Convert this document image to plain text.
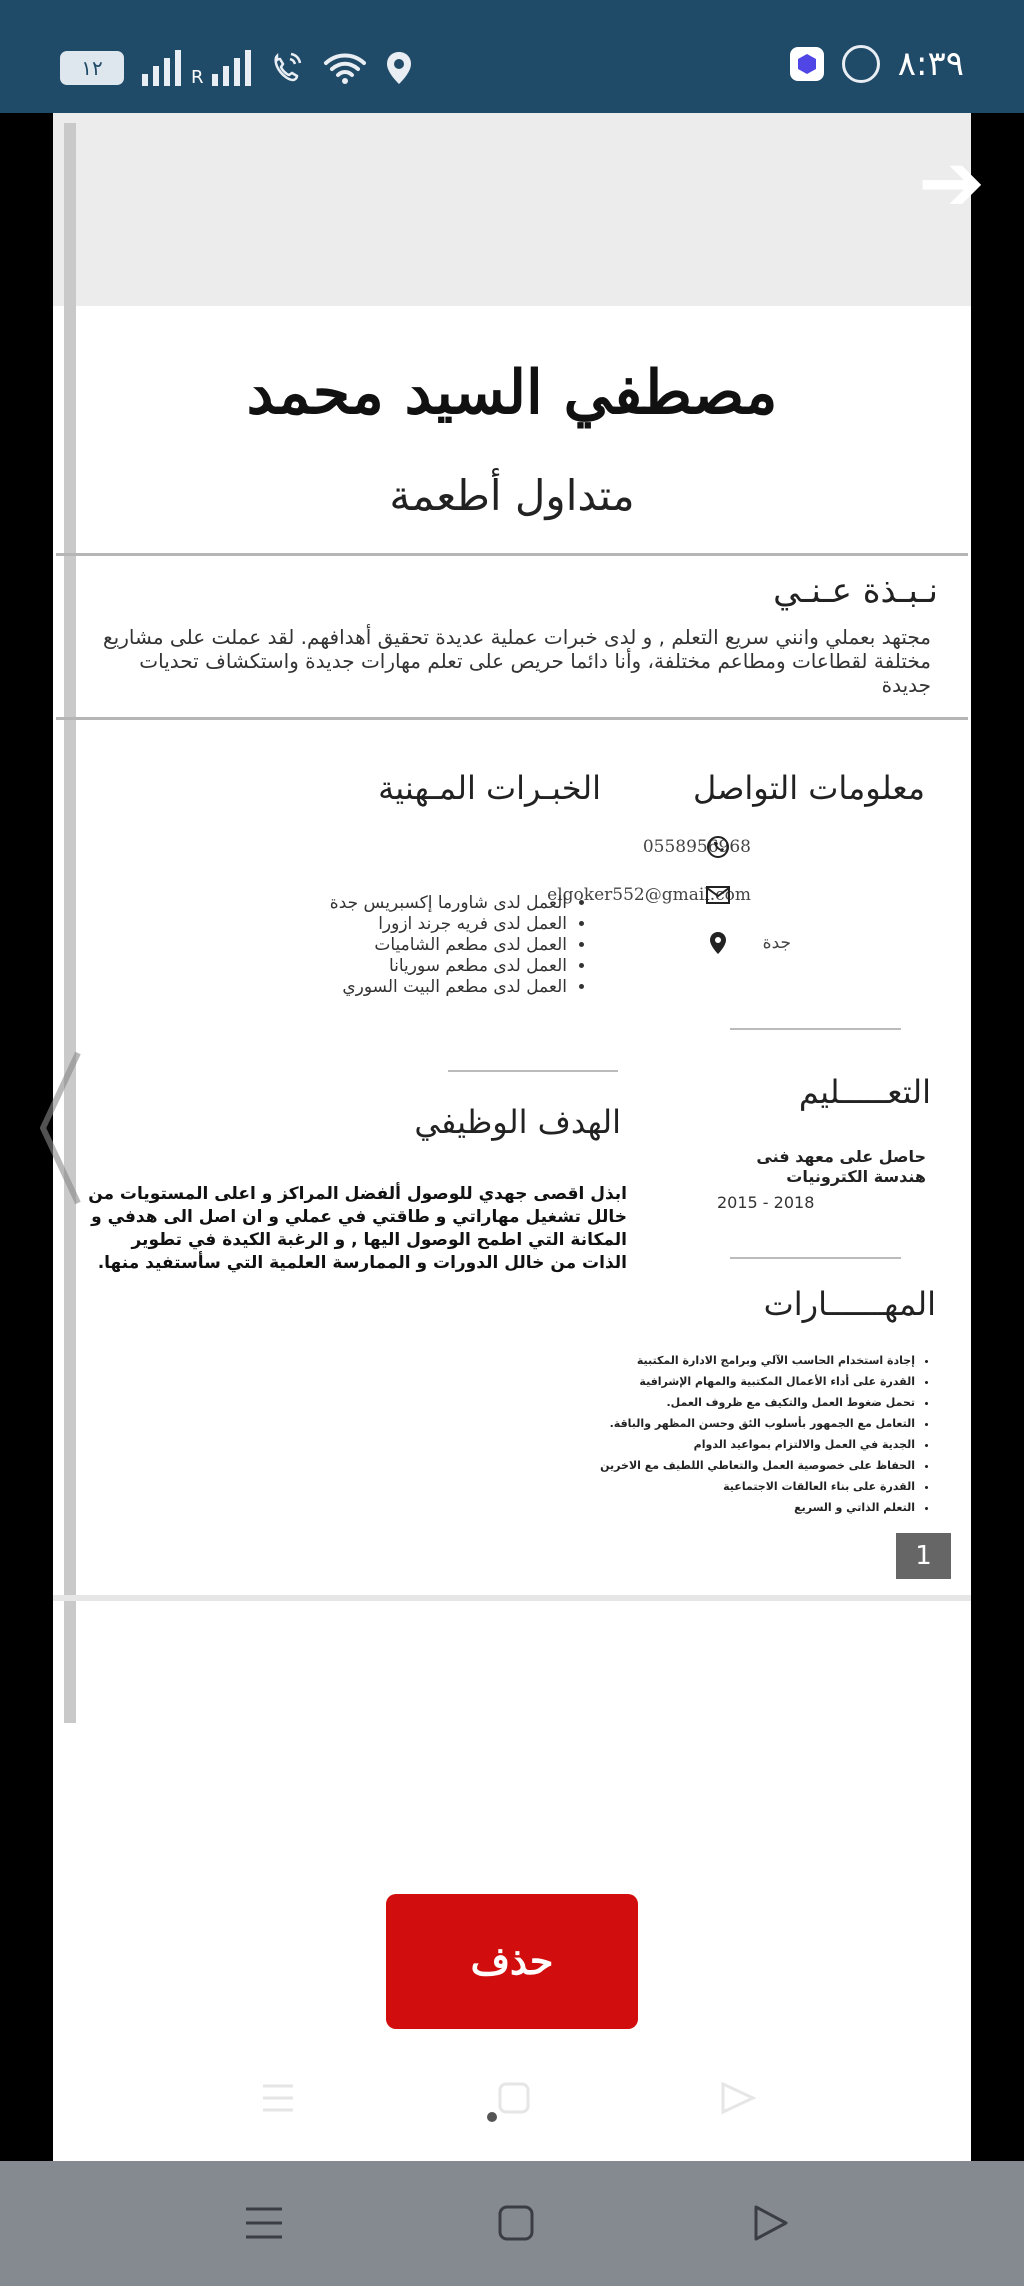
١٢	R	٨:٣٩
➔
مصطفي السيد محمد
متداول أطعمة
نـبـذة عـنـي
مجتهد بعملي وانني سريع التعلم , و لدى خبرات عملية عديدة تحقيق أهدافهم. لقد عملت على مشاريع مختلفة لقطاعات ومطاعم مختلفة، وأنا دائما حريص على تعلم مهارات جديدة واستكشاف تحديات جديدة
معلومات التواصل
0558956968
elgoker552@gmail.com
جدة
الخبـرات المـهنية
• العمل لدى شاورما إكسبريس جدة
• العمل لدى فريه جرند ازورا
• العمل لدى مطعم الشاميات
• العمل لدى مطعم سوريانا
• العمل لدى مطعم البيت السوري
التعـــــليم
حاصل على معهد فنى
هندسة الكترونيات
2015 - 2018
الهدف الوظيفي
ابذل اقصى جهدي للوصول ألفضل المراكز و اعلى المستويات من خالل تشغيل مهاراتي و طاقتي في عملي و ان اصل الى هدفي و المكانة التي اطمح الوصول اليها , و الرغبة الكيدة في تطوير الذات من خالل الدورات و الممارسة العلمية التي سأستفيد منها.
المهــــــارات
• إجادة استخدام الحاسب الآلي وبرامج الادارة المكتبية
• القدرة على أداء الأعمال المكتبية والمهام الإشرافية
• تحمل ضغوط العمل والتكيف مع ظروف العمل.
• التعامل مع الجمهور بأسلوب الئق وحسن المظهر والباقة.
• الجدية في العمل والالتزام بمواعيد الدوام
• الحفاظ على خصوصية العمل والتعاطي اللطيف مع الاخرين
• القدرة على بناء العالقات الاجتماعية
• التعلم الذاتي و السريع
1
حذف
